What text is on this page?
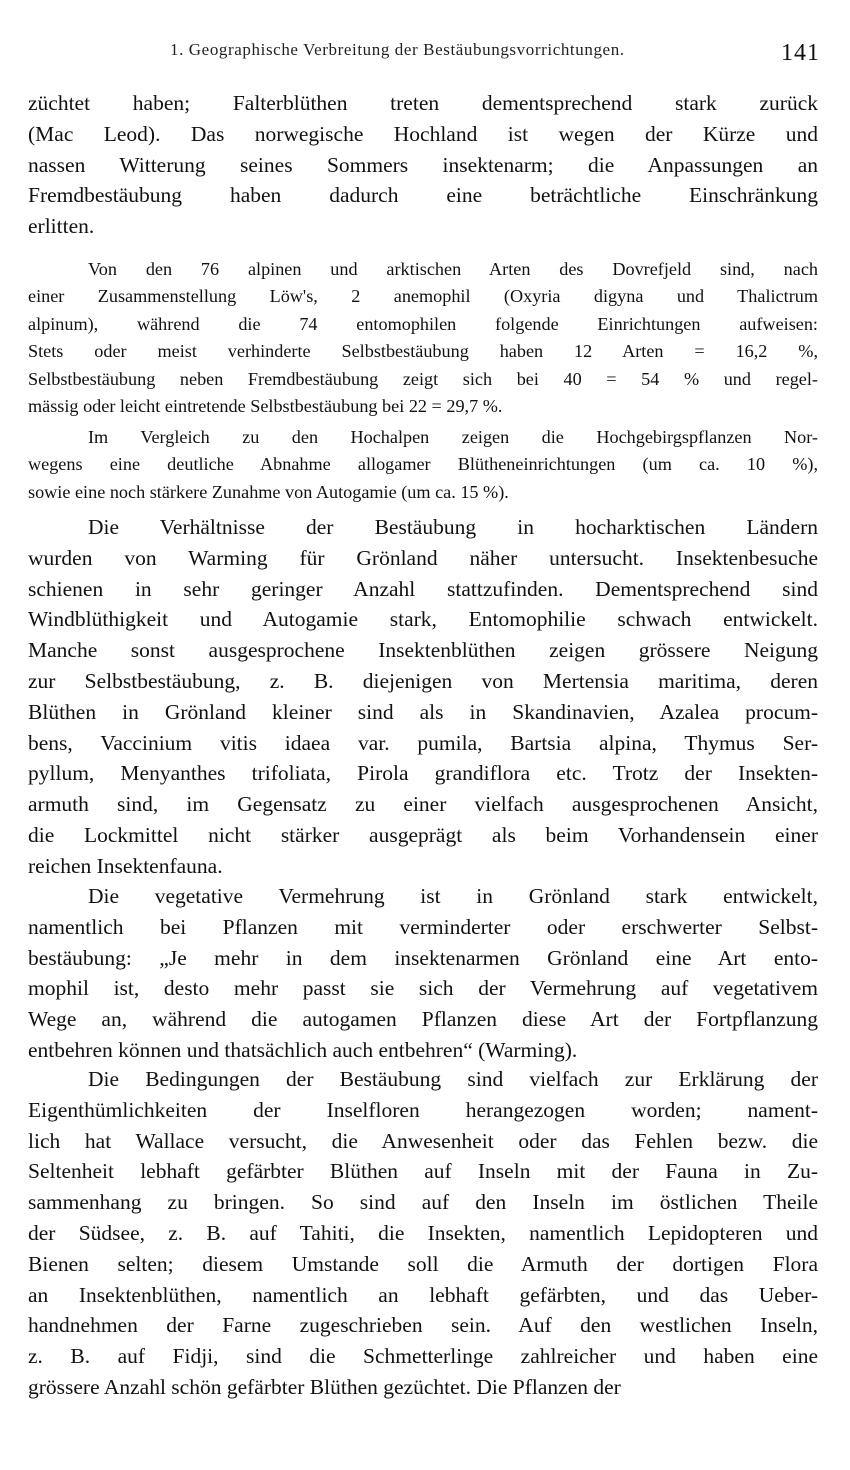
1. Geographische Verbreitung der Bestäubungsvorrichtungen.	141
züchtet haben; Falterblüthen treten dementsprechend stark zurück
(Mac Leod). Das norwegische Hochland ist wegen der Kürze und
nassen Witterung seines Sommers insektenarm; die Anpassungen an
Fremdbestäubung haben dadurch eine beträchtliche Einschränkung
erlitten.
Von den 76 alpinen und arktischen Arten des Dovrefjeld sind, nach
einer Zusammenstellung Löw's, 2 anemophil (Oxyria digyna und Thalictrum
alpinum), während die 74 entomophilen folgende Einrichtungen aufweisen:
Stets oder meist verhinderte Selbstbestäubung haben 12 Arten = 16,2 %,
Selbstbestäubung neben Fremdbestäubung zeigt sich bei 40 = 54 % und regel-
mässig oder leicht eintretende Selbstbestäubung bei 22 = 29,7 %.
Im Vergleich zu den Hochalpen zeigen die Hochgebirgspflanzen Nor-
wegens eine deutliche Abnahme allogamer Blütheneinrichtungen (um ca. 10 %),
sowie eine noch stärkere Zunahme von Autogamie (um ca. 15 %).
Die Verhältnisse der Bestäubung in hocharktischen Ländern
wurden von Warming für Grönland näher untersucht. Insektenbesuche
schienen in sehr geringer Anzahl stattzufinden. Dementsprechend sind
Windblüthigkeit und Autogamie stark, Entomophilie schwach entwickelt.
Manche sonst ausgesprochene Insektenblüthen zeigen grössere Neigung
zur Selbstbestäubung, z. B. diejenigen von Mertensia maritima, deren
Blüthen in Grönland kleiner sind als in Skandinavien, Azalea procum-
bens, Vaccinium vitis idaea var. pumila, Bartsia alpina, Thymus Ser-
pyllum, Menyanthes trifoliata, Pirola grandiflora etc. Trotz der Insekten-
armuth sind, im Gegensatz zu einer vielfach ausgesprochenen Ansicht,
die Lockmittel nicht stärker ausgeprägt als beim Vorhandensein einer
reichen Insektenfauna.
Die vegetative Vermehrung ist in Grönland stark entwickelt,
namentlich bei Pflanzen mit verminderter oder erschwerter Selbst-
bestäubung: „Je mehr in dem insektenarmen Grönland eine Art ento-
mophil ist, desto mehr passt sie sich der Vermehrung auf vegetativem
Wege an, während die autogamen Pflanzen diese Art der Fortpflanzung
entbehren können und thatsächlich auch entbehren“ (Warming).
Die Bedingungen der Bestäubung sind vielfach zur Erklärung der
Eigenthümlichkeiten der Inselfloren herangezogen worden; nament-
lich hat Wallace versucht, die Anwesenheit oder das Fehlen bezw. die
Seltenheit lebhaft gefärbter Blüthen auf Inseln mit der Fauna in Zu-
sammenhang zu bringen. So sind auf den Inseln im östlichen Theile
der Südsee, z. B. auf Tahiti, die Insekten, namentlich Lepidopteren und
Bienen selten; diesem Umstande soll die Armuth der dortigen Flora
an Insektenblüthen, namentlich an lebhaft gefärbten, und das Ueber-
handnehmen der Farne zugeschrieben sein. Auf den westlichen Inseln,
z. B. auf Fidji, sind die Schmetterlinge zahlreicher und haben eine
grössere Anzahl schön gefärbter Blüthen gezüchtet. Die Pflanzen der
